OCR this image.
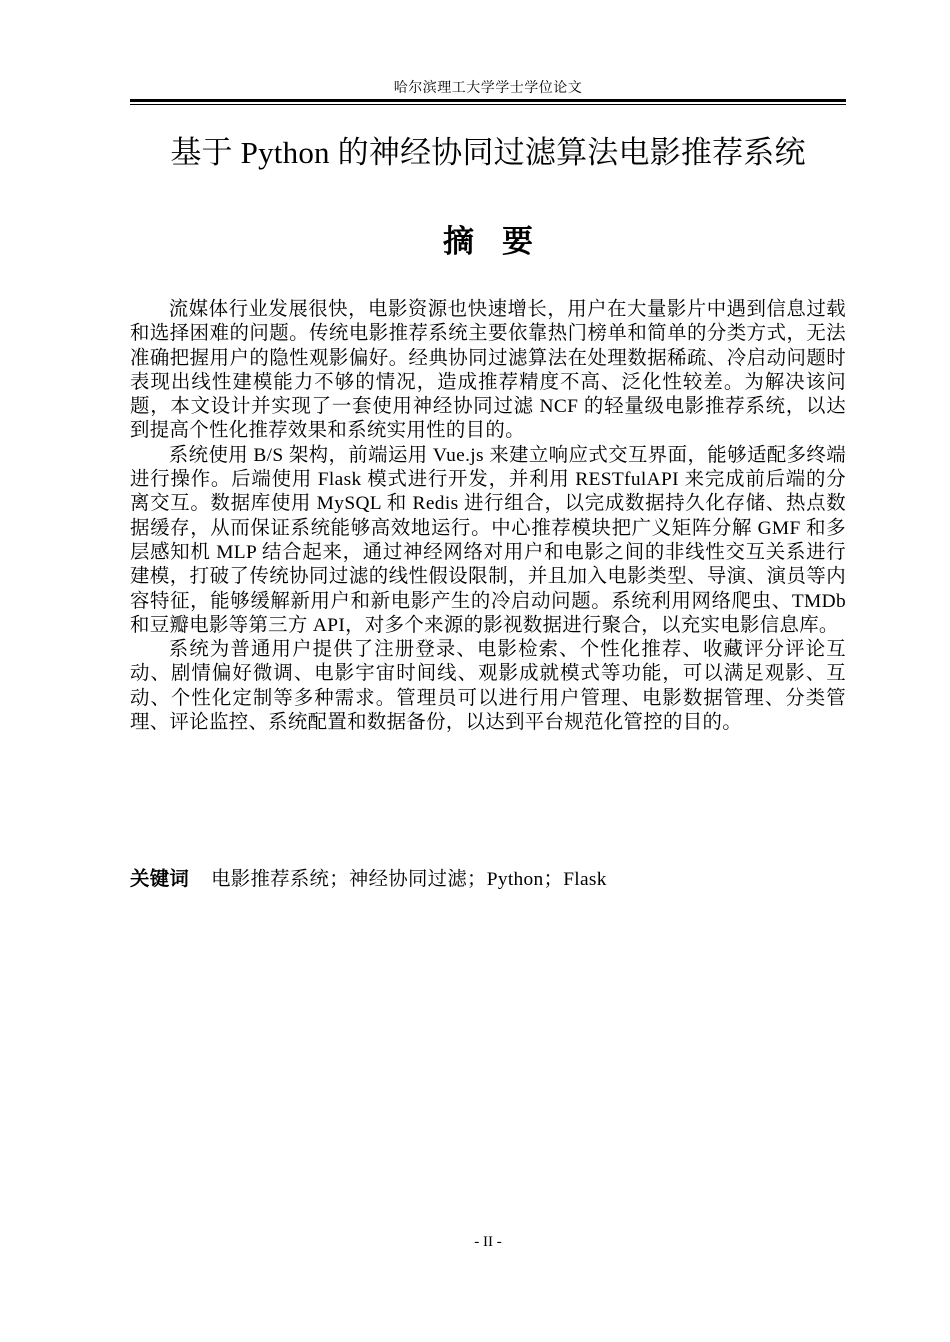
哈尔滨理工大学学士学位论文
基于 Python 的神经协同过滤算法电影推荐系统
摘要

流媒体行业发展很快，电影资源也快速增长，用户在大量影片中遇到信息过载和选择困难的问题。传统电影推荐系统主要依靠热门榜单和简单的分类方式，无法准确把握用户的隐性观影偏好。经典协同过滤算法在处理数据稀疏、冷启动问题时表现出线性建模能力不够的情况，造成推荐精度不高、泛化性较差。为解决该问题，本文设计并实现了一套使用神经协同过滤 NCF 的轻量级电影推荐系统，以达到提高个性化推荐效果和系统实用性的目的。

系统使用 B/S 架构，前端运用 Vue.js 来建立响应式交互界面，能够适配多终端进行操作。后端使用 Flask 模式进行开发，并利用 RESTfulAPI 来完成前后端的分离交互。数据库使用 MySQL 和 Redis 进行组合，以完成数据持久化存储、热点数据缓存，从而保证系统能够高效地运行。中心推荐模块把广义矩阵分解 GMF 和多层感知机 MLP 结合起来，通过神经网络对用户和电影之间的非线性交互关系进行建模，打破了传统协同过滤的线性假设限制，并且加入电影类型、导演、演员等内容特征，能够缓解新用户和新电影产生的冷启动问题。系统利用网络爬虫、TMDb 和豆瓣电影等第三方 API，对多个来源的影视数据进行聚合，以充实电影信息库。

系统为普通用户提供了注册登录、电影检索、个性化推荐、收藏评分评论互动、剧情偏好微调、电影宇宙时间线、观影成就模式等功能，可以满足观影、互动、个性化定制等多种需求。管理员可以进行用户管理、电影数据管理、分类管理、评论监控、系统配置和数据备份，以达到平台规范化管控的目的。

关键词 电影推荐系统；神经协同过滤；Python；Flask
- II -
